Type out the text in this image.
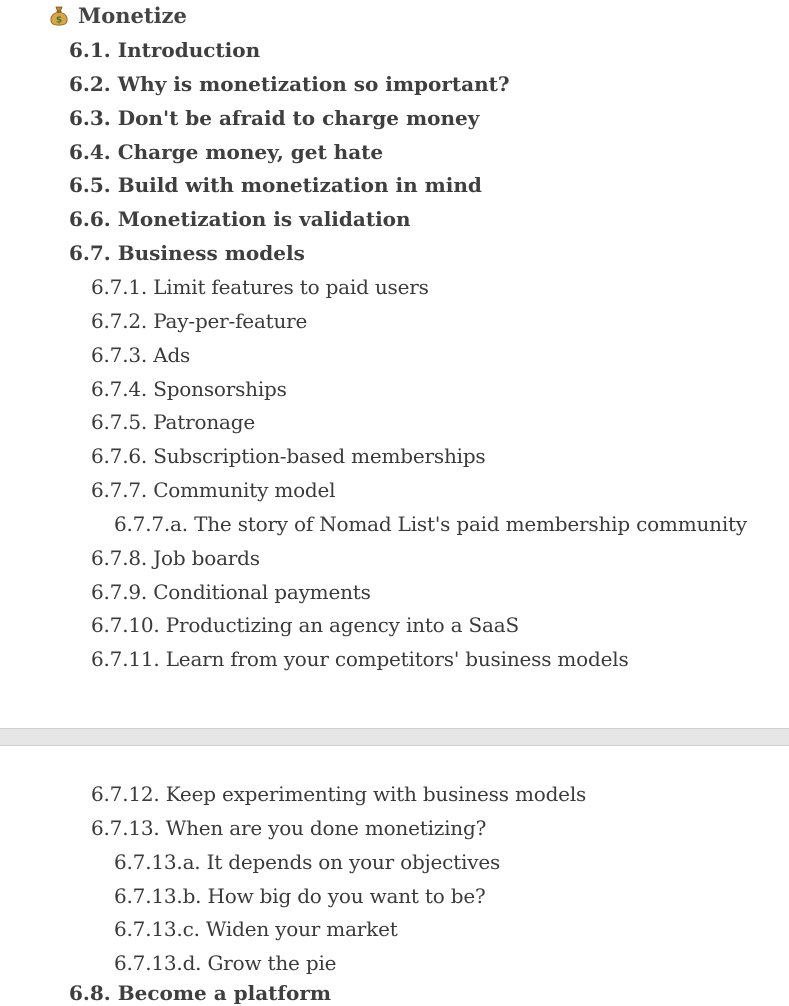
$ Monetize
6.1. Introduction
6.2. Why is monetization so important?
6.3. Don't be afraid to charge money
6.4. Charge money, get hate
6.5. Build with monetization in mind
6.6. Monetization is validation
6.7. Business models
6.7.1. Limit features to paid users
6.7.2. Pay-per-feature
6.7.3. Ads
6.7.4. Sponsorships
6.7.5. Patronage
6.7.6. Subscription-based memberships
6.7.7. Community model
6.7.7.a. The story of Nomad List's paid membership community
6.7.8. Job boards
6.7.9. Conditional payments
6.7.10. Productizing an agency into a SaaS
6.7.11. Learn from your competitors' business models
6.7.12. Keep experimenting with business models
6.7.13. When are you done monetizing?
6.7.13.a. It depends on your objectives
6.7.13.b. How big do you want to be?
6.7.13.c. Widen your market
6.7.13.d. Grow the pie
6.8. Become a platform
